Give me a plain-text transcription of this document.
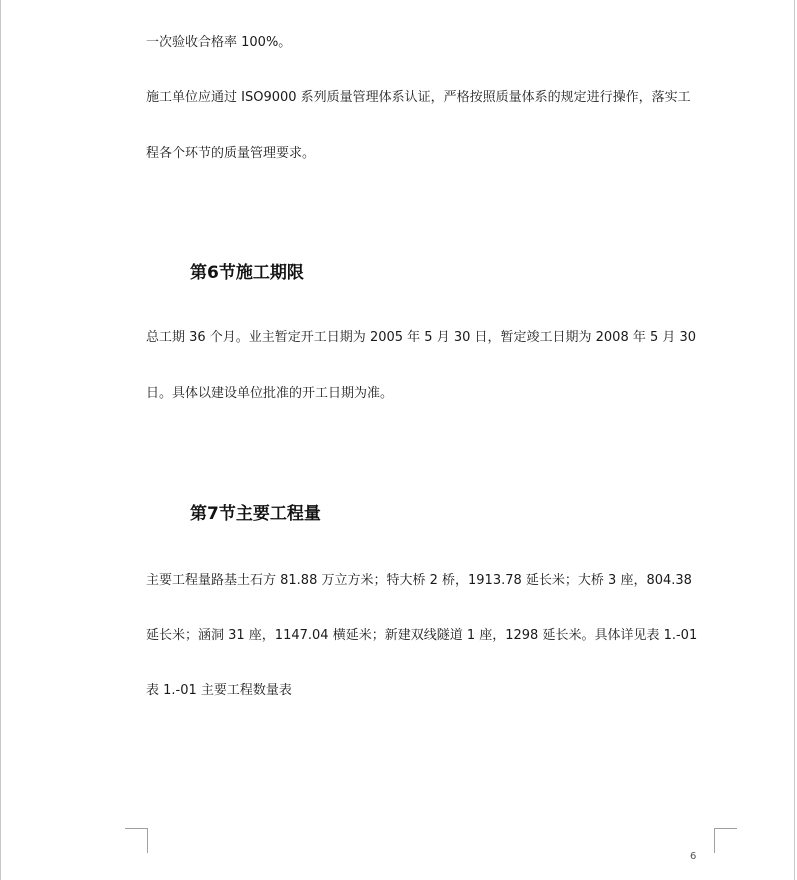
一次验收合格率 100%。
施工单位应通过 ISO9000 系列质量管理体系认证，严格按照质量体系的规定进行操作，落实工
程各个环节的质量管理要求。
第6节施工期限
总工期 36 个月。业主暂定开工日期为 2005 年 5 月 30 日，暂定竣工日期为 2008 年 5 月 30
日。具体以建设单位批准的开工日期为准。
第7节主要工程量
主要工程量路基土石方 81.88 万立方米；特大桥 2 桥，1913.78 延长米；大桥 3 座，804.38
延长米；涵洞 31 座，1147.04 横延米；新建双线隧道 1 座，1298 延长米。具体详见表 1.-01
表 1.-01 主要工程数量表
6
